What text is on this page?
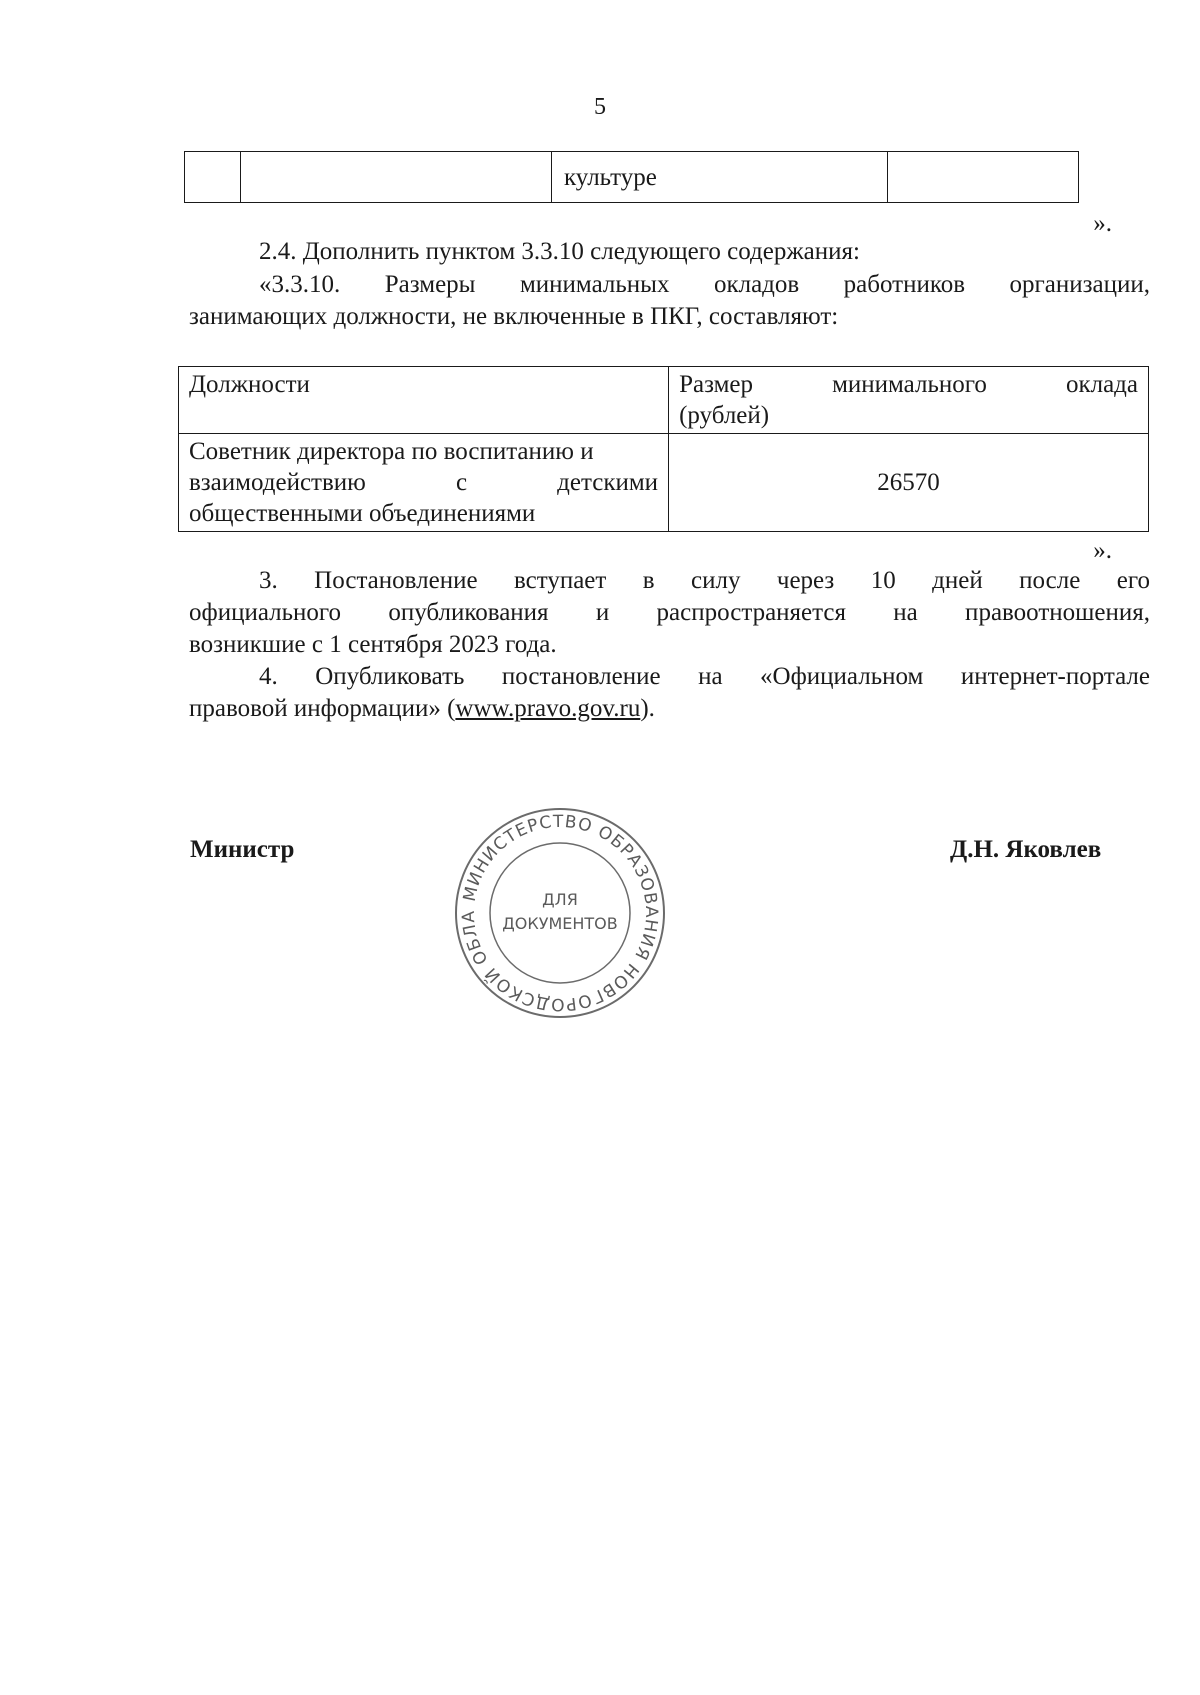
5

культуре

».
2.4. Дополнить пунктом 3.3.10 следующего содержания:
«3.3.10. Размеры минимальных окладов работников организации,
занимающих должности, не включенные в ПКГ, составляют:
Должности	Размер минимального оклада
(рублей)

Советник директора по воспитанию и
взаимодействию с детскими
общественными объединениями	26570
».
3. Постановление вступает в силу через 10 дней после его
официального опубликования и распространяется на правоотношения,
возникшие с 1 сентября 2023 года.
4. Опубликовать постановление на «Официальном интернет-портале
правовой информации» (www.pravo.gov.ru).
Министр	Д.Н. Яковлев
МИНИСТЕРСТВО ОБРАЗОВАНИЯ НОВГОРОДСКОЙ ОБЛА
ДЛЯ
ДОКУМЕНТОВ
